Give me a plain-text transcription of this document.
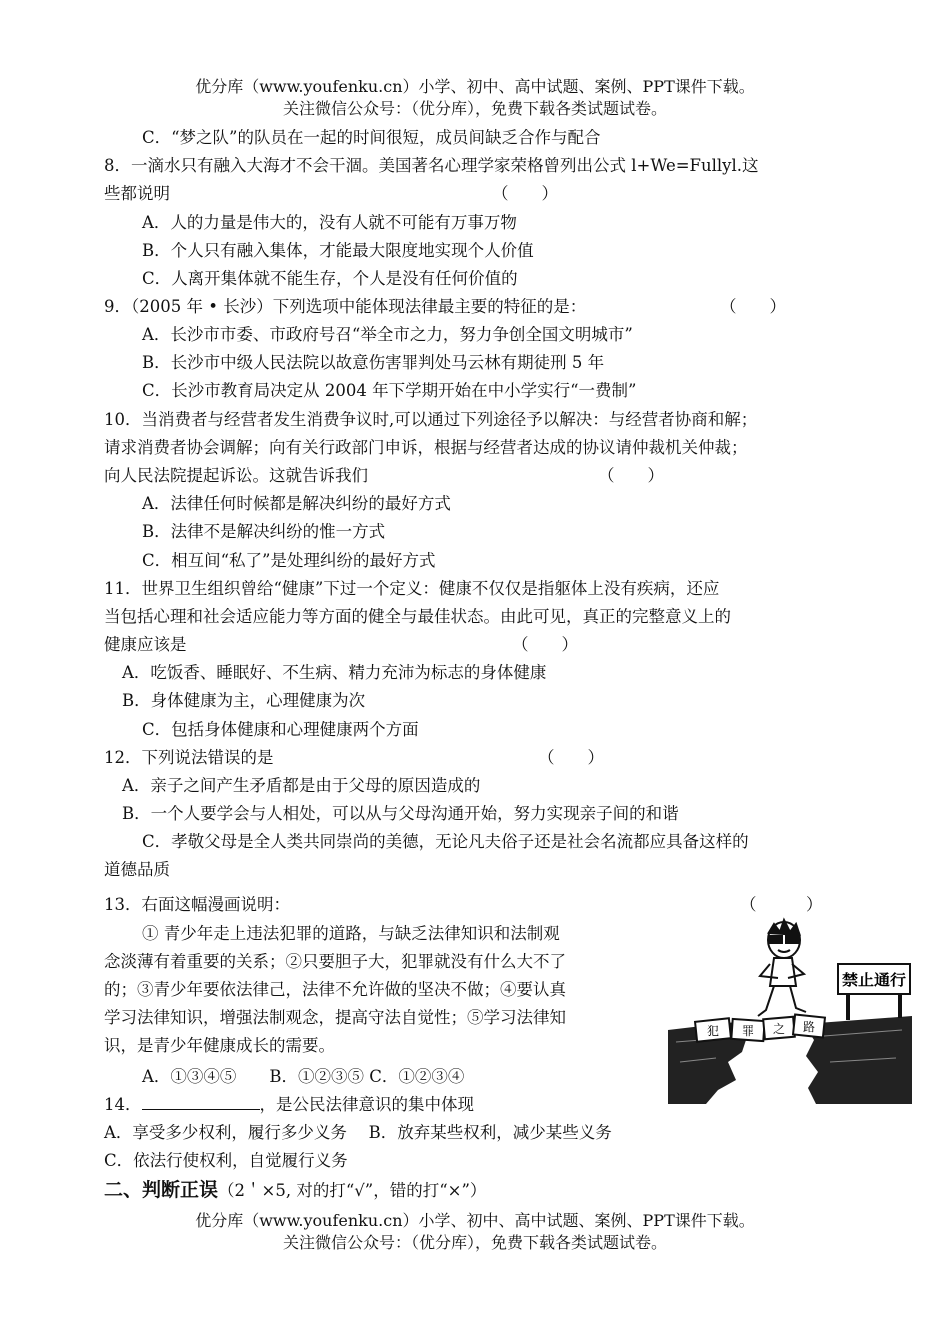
优分库（www.youfenku.cn）小学、初中、高中试题、案例、PPT课件下载。
关注微信公众号：（优分库），免费下载各类试题试卷。
C．“梦之队”的队员在一起的时间很短，成员间缺乏合作与配合
8．一滴水只有融入大海才不会干涸。美国著名心理学家荣格曾列出公式 l+We=Fullyl.这
些都说明	（　　）
A．人的力量是伟大的，没有人就不可能有万事万物
B．个人只有融入集体，才能最大限度地实现个人价值
C．人离开集体就不能生存，个人是没有任何价值的
9．（2005 年 • 长沙）下列选项中能体现法律最主要的特征的是：	（　　）
A．长沙市市委、市政府号召“举全市之力，努力争创全国文明城市”
B．长沙市中级人民法院以故意伤害罪判处马云林有期徒刑 5 年
C．长沙市教育局决定从 2004 年下学期开始在中小学实行“一费制”
10．当消费者与经营者发生消费争议时,可以通过下列途径予以解决：与经营者协商和解；
请求消费者协会调解；向有关行政部门申诉，根据与经营者达成的协议请仲裁机关仲裁；
向人民法院提起诉讼。这就告诉我们	（　　）
A．法律任何时候都是解决纠纷的最好方式
B．法律不是解决纠纷的惟一方式
C．相互间“私了”是处理纠纷的最好方式
11．世界卫生组织曾给“健康”下过一个定义：健康不仅仅是指躯体上没有疾病，还应
当包括心理和社会适应能力等方面的健全与最佳状态。由此可见，真正的完整意义上的
健康应该是	（　　）
A．吃饭香、睡眠好、不生病、精力充沛为标志的身体健康
B．身体健康为主，心理健康为次
C．包括身体健康和心理健康两个方面
12．下列说法错误的是	（　　）
A．亲子之间产生矛盾都是由于父母的原因造成的
B．一个人要学会与人相处，可以从与父母沟通开始，努力实现亲子间的和谐
C．孝敬父母是全人类共同崇尚的美德，无论凡夫俗子还是社会名流都应具备这样的
道德品质
13．右面这幅漫画说明：	（　　　）
① 青少年走上违法犯罪的道路，与缺乏法律知识和法制观
念淡薄有着重要的关系；②只要胆子大，犯罪就没有什么大不了
的；③青少年要依法律己，法律不允许做的坚决不做；④要认真
学习法律知识，增强法制观念，提高守法自觉性；⑤学习法律知
识，是青少年健康成长的需要。
A．①③④⑤　　B．①②③⑤ C．①②③④
犯 罪 之 路
禁止通行
14．	，是公民法律意识的集中体现
A．享受多少权利，履行多少义务　 B．放弃某些权利，减少某些义务
C．依法行使权利，自觉履行义务
二、判断正误（2＇×5, 对的打“√”，错的打“×”）
优分库（www.youfenku.cn）小学、初中、高中试题、案例、PPT课件下载。
关注微信公众号：（优分库），免费下载各类试题试卷。
